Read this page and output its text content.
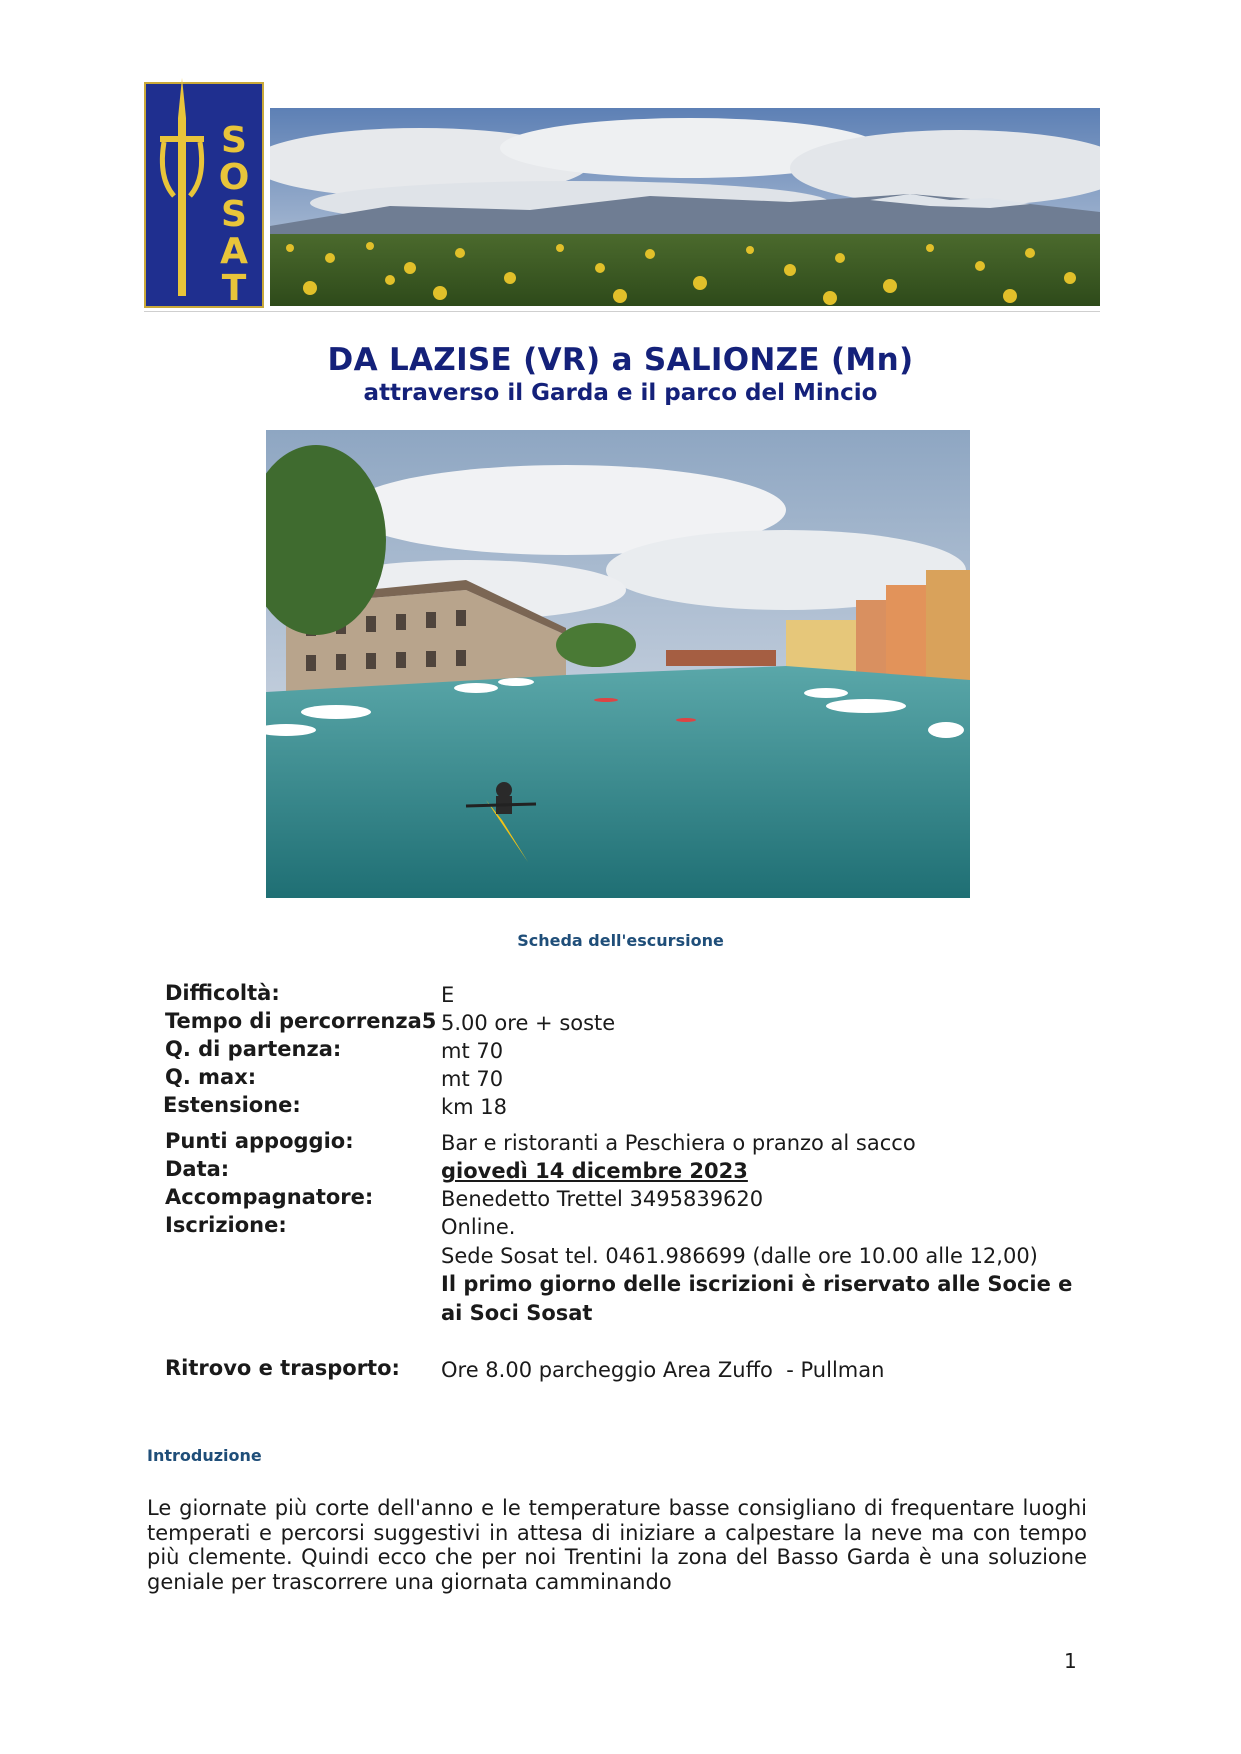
S
O
S
A
T
DA LAZISE (VR) a SALIONZE (Mn)
attraverso il Garda e il parco del Mincio
Scheda dell'escursione
Difficoltà:	E
Tempo di percorrenza5 5.00 ore + soste
Q. di partenza:	mt 70
Q. max:	mt 70
Estensione:	km 18
Punti appoggio:	Bar e ristoranti a Peschiera o pranzo al sacco
Data:	giovedì 14 dicembre 2023
Accompagnatore:	Benedetto Trettel 3495839620
Iscrizione:	Online.
Sede Sosat tel. 0461.986699 (dalle ore 10.00 alle 12,00)
Il primo giorno delle iscrizioni è riservato alle Socie e ai Soci Sosat
Ritrovo e trasporto: Ore 8.00 parcheggio Area Zuffo  - Pullman
Introduzione
Le giornate più corte dell'anno e le temperature basse consigliano di frequentare luoghi temperati e percorsi suggestivi in attesa di iniziare a calpestare la neve ma con tempo più clemente. Quindi ecco che per noi Trentini la zona del Basso Garda è una soluzione geniale per trascorrere una giornata camminando
1
